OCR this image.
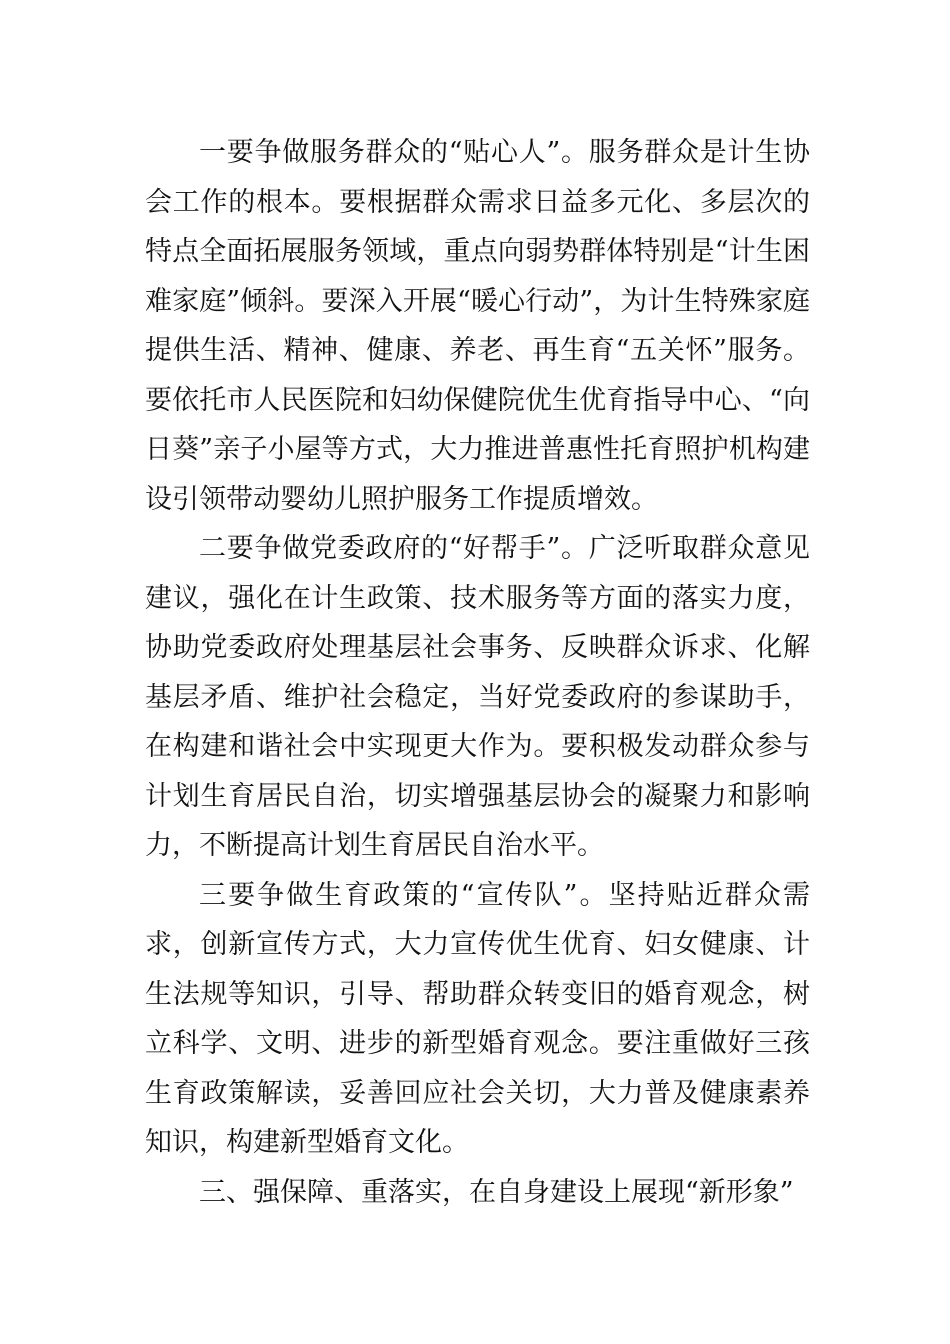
一要争做服务群众的“贴心人”。服务群众是计生协会工作的根本。要根据群众需求日益多元化、多层次的特点全面拓展服务领域，重点向弱势群体特别是“计生困难家庭”倾斜。要深入开展“暖心行动”，为计生特殊家庭提供生活、精神、健康、养老、再生育“五关怀”服务。要依托市人民医院和妇幼保健院优生优育指导中心、“向日葵”亲子小屋等方式，大力推进普惠性托育照护机构建设引领带动婴幼儿照护服务工作提质增效。

二要争做党委政府的“好帮手”。广泛听取群众意见建议，强化在计生政策、技术服务等方面的落实力度，协助党委政府处理基层社会事务、反映群众诉求、化解基层矛盾、维护社会稳定，当好党委政府的参谋助手，在构建和谐社会中实现更大作为。要积极发动群众参与计划生育居民自治，切实增强基层协会的凝聚力和影响力，不断提高计划生育居民自治水平。

三要争做生育政策的“宣传队”。坚持贴近群众需求，创新宣传方式，大力宣传优生优育、妇女健康、计生法规等知识，引导、帮助群众转变旧的婚育观念，树立科学、文明、进步的新型婚育观念。要注重做好三孩生育政策解读，妥善回应社会关切，大力普及健康素养知识，构建新型婚育文化。

三、强保障、重落实，在自身建设上展现“新形象”
